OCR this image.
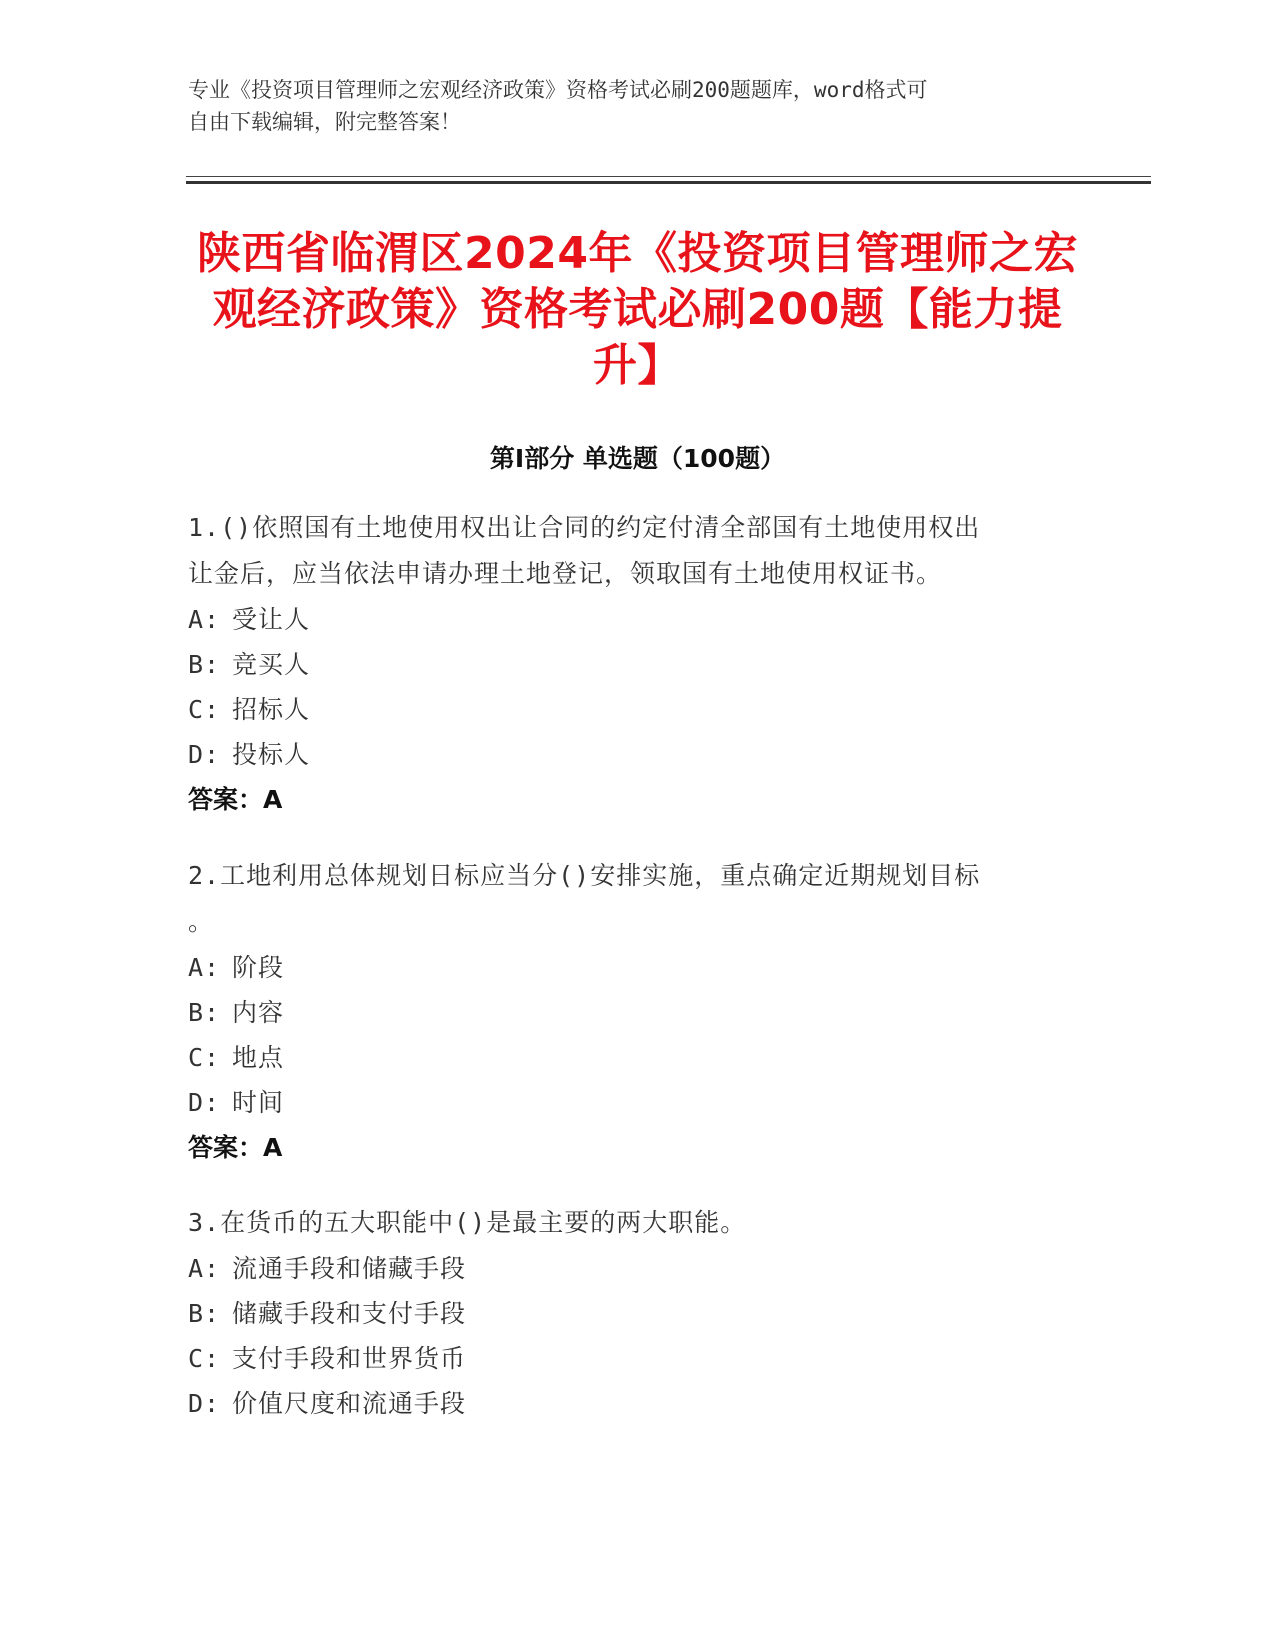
专业《投资项目管理师之宏观经济政策》资格考试必刷200题题库，word格式可
自由下载编辑，附完整答案！
陕西省临渭区2024年《投资项目管理师之宏
观经济政策》资格考试必刷200题【能力提
升】
第Ⅰ部分 单选题（100题）
1.()依照国有土地使用权出让合同的约定付清全部国有土地使用权出
让金后，应当依法申请办理土地登记，领取国有土地使用权证书。
A: 受让人
B: 竞买人
C: 招标人
D: 投标人
答案：A
2.工地利用总体规划日标应当分()安排实施，重点确定近期规划目标
。
A: 阶段
B: 内容
C: 地点
D: 时间
答案：A
3.在货币的五大职能中()是最主要的两大职能。
A: 流通手段和储藏手段
B: 储藏手段和支付手段
C: 支付手段和世界货币
D: 价值尺度和流通手段
